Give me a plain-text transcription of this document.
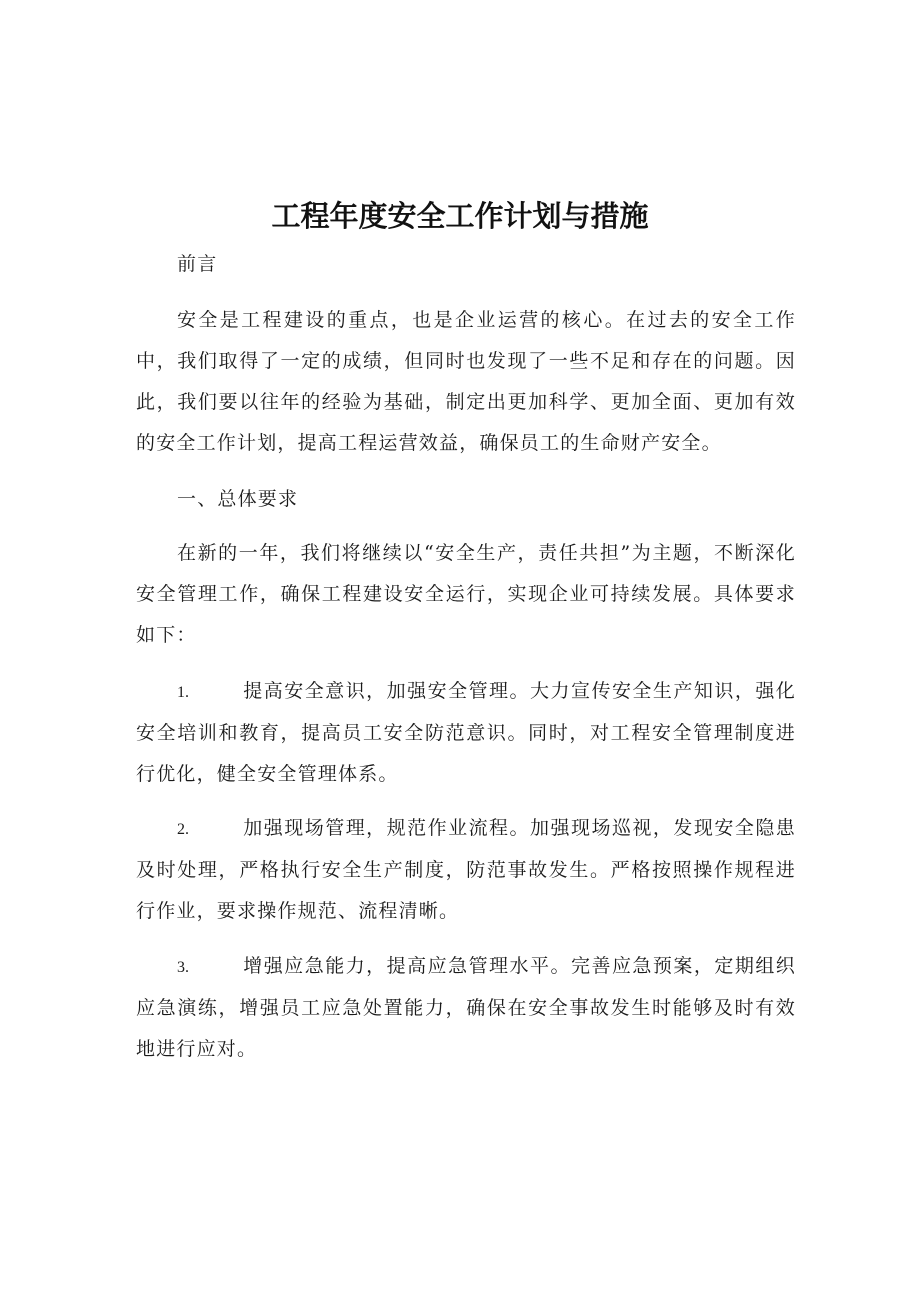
工程年度安全工作计划与措施

前言

安全是工程建设的重点，也是企业运营的核心。在过去的安全工作中，我们取得了一定的成绩，但同时也发现了一些不足和存在的问题。因此，我们要以往年的经验为基础，制定出更加科学、更加全面、更加有效的安全工作计划，提高工程运营效益，确保员工的生命财产安全。

一、总体要求

在新的一年，我们将继续以“安全生产，责任共担”为主题，不断深化安全管理工作，确保工程建设安全运行，实现企业可持续发展。具体要求如下：

1.	提高安全意识，加强安全管理。大力宣传安全生产知识，强化安全培训和教育，提高员工安全防范意识。同时，对工程安全管理制度进行优化，健全安全管理体系。

2.	加强现场管理，规范作业流程。加强现场巡视，发现安全隐患及时处理，严格执行安全生产制度，防范事故发生。严格按照操作规程进行作业，要求操作规范、流程清晰。

3.	增强应急能力，提高应急管理水平。完善应急预案，定期组织应急演练，增强员工应急处置能力，确保在安全事故发生时能够及时有效地进行应对。
